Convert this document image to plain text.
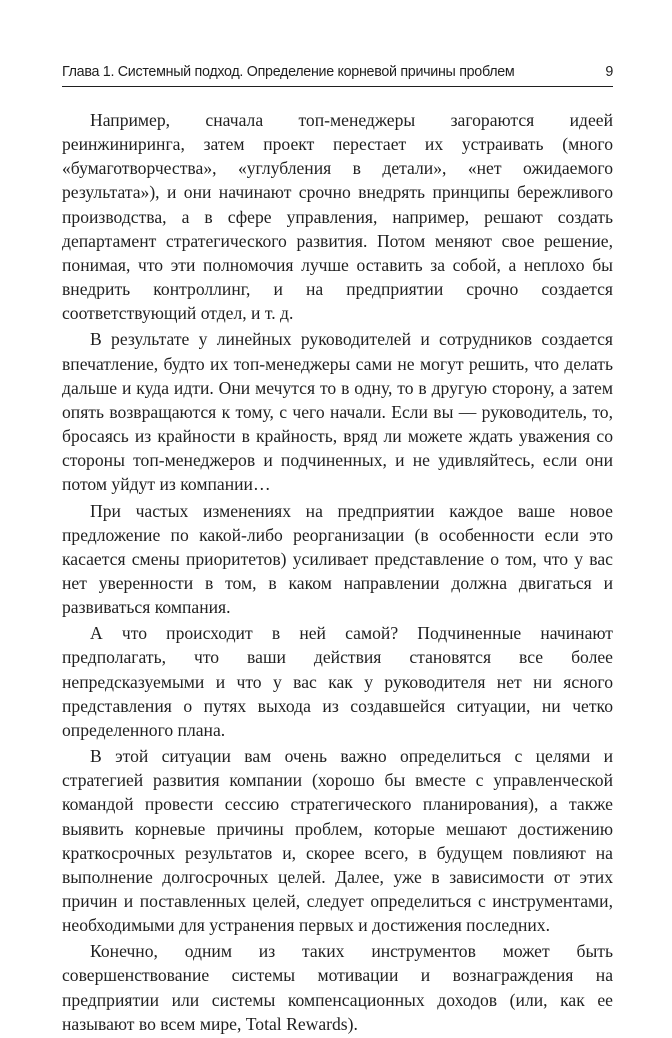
Глава 1. Системный подход. Определение корневой причины проблем	9

Например, сначала топ-менеджеры загораются идеей реинжиниринга, затем проект перестает их устраивать (много «бумаготворчества», «углубления в детали», «нет ожидаемого результата»), и они начинают срочно внедрять принципы бережливого производства, а в сфере управления, например, решают создать департамент стратегического развития. Потом меняют свое решение, понимая, что эти полномочия лучше оставить за собой, а неплохо бы внедрить контроллинг, и на предприятии срочно создается соответствующий отдел, и т. д.

В результате у линейных руководителей и сотрудников создается впечатление, будто их топ-менеджеры сами не могут решить, что делать дальше и куда идти. Они мечутся то в одну, то в другую сторону, а затем опять возвращаются к тому, с чего начали. Если вы — руководитель, то, бросаясь из крайности в крайность, вряд ли можете ждать уважения со стороны топ-менеджеров и подчиненных, и не удивляйтесь, если они потом уйдут из компании…

При частых изменениях на предприятии каждое ваше новое предложение по какой-либо реорганизации (в особенности если это касается смены приоритетов) усиливает представление о том, что у вас нет уверенности в том, в каком направлении должна двигаться и развиваться компания.

А что происходит в ней самой? Подчиненные начинают предполагать, что ваши действия становятся все более непредсказуемыми и что у вас как у руководителя нет ни ясного представления о путях выхода из создавшейся ситуации, ни четко определенного плана.

В этой ситуации вам очень важно определиться с целями и стратегией развития компании (хорошо бы вместе с управленческой командой провести сессию стратегического планирования), а также выявить корневые причины проблем, которые мешают достижению краткосрочных результатов и, скорее всего, в будущем повлияют на выполнение долгосрочных целей. Далее, уже в зависимости от этих причин и поставленных целей, следует определиться с инструментами, необходимыми для устранения первых и достижения последних.

Конечно, одним из таких инструментов может быть совершенствование системы мотивации и вознаграждения на предприятии или системы компенсационных доходов (или, как ее называют во всем мире, Total Rewards).
